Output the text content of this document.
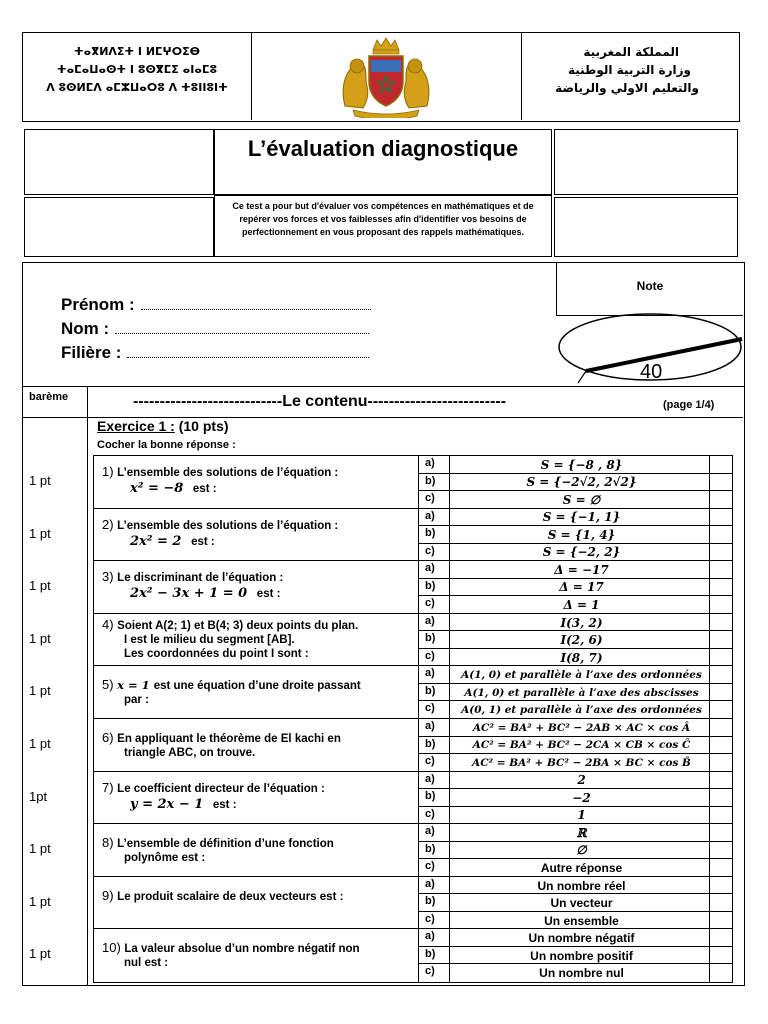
ⵜⴰⴳⵍⴷⵉⵜ ⵏ ⵍⵎⵖⵔⵉⴱ
ⵜⴰⵎⴰⵡⴰⵙⵜ ⵏ ⵓⵙⴳⵎⵉ ⴰⵏⴰⵎⵓ
ⴷ ⵓⵙⵍⵎⴷ ⴰⵎⵣⵡⴰⵔⵓ ⴷ ⵜⵓⵏⵏⵓⵏⵜ
المملكة المغربية
وزارة التربية الوطنية
والتعليم الاولي والرياضة
L’évaluation diagnostique
Ce test a pour but d'évaluer vos compétences en mathématiques et de repérer vos forces et vos faiblesses afin d'identifier vos besoins de perfectionnement en vous proposant des rappels mathématiques.
Note
Prénom :
Nom :
Filière :
40
barème	----------------------------Le contenu--------------------------	(page 1/4)
Exercice 1 : (10 pts)
Cocher la bonne réponse :
1) L’ensemble des solutions de l’équation :
x² = −8   est :
a)	S = {−8 , 8}
b)	S = {−2√2, 2√2}
c)	S = ∅
2) L’ensemble des solutions de l’équation :
2x² = 2   est :
a)	S = {−1, 1}
b)	S = {1, 4}
c)	S = {−2, 2}
3) Le discriminant de l’équation :
2x² − 3x + 1 = 0   est :
a)	Δ = −17
b)	Δ = 17
c)	Δ = 1
4) Soient A(2; 1) et B(4; 3) deux points du plan.
I est le milieu du segment [AB].
Les coordonnées du point I sont :
a)	I(3, 2)
b)	I(2, 6)
c)	I(8, 7)
5) x = 1 est une équation d’une droite passant
par :
a)	A(1, 0) et parallèle à l’axe des ordonnées
b)	A(1, 0) et parallèle à l’axe des abscisses
c)	A(0, 1) et parallèle à l’axe des ordonnées
6) En appliquant le théorème de El kachi en
triangle ABC, on trouve.
a)	AC² = BA² + BC² − 2AB × AC × cos Â
b)	AC² = BA² + BC² − 2CA × CB × cos Ĉ
c)	AC² = BA² + BC² − 2BA × BC × cos B̂
7) Le coefficient directeur de l’équation :
y = 2x − 1   est :
a)	2
b)	−2
c)	1
8) L’ensemble de définition d’une fonction
polynôme est :
a)	ℝ
b)	∅
c)	Autre réponse
9) Le produit scalaire de deux vecteurs est :
a)	Un nombre réel
b)	Un vecteur
c)	Un ensemble
10) La valeur absolue d’un nombre négatif non
nul est :
a)	Un nombre négatif
b)	Un nombre positif
c)	Un nombre nul
1 pt
1 pt
1 pt
1 pt
1 pt
1 pt
1pt
1 pt
1 pt
1 pt
